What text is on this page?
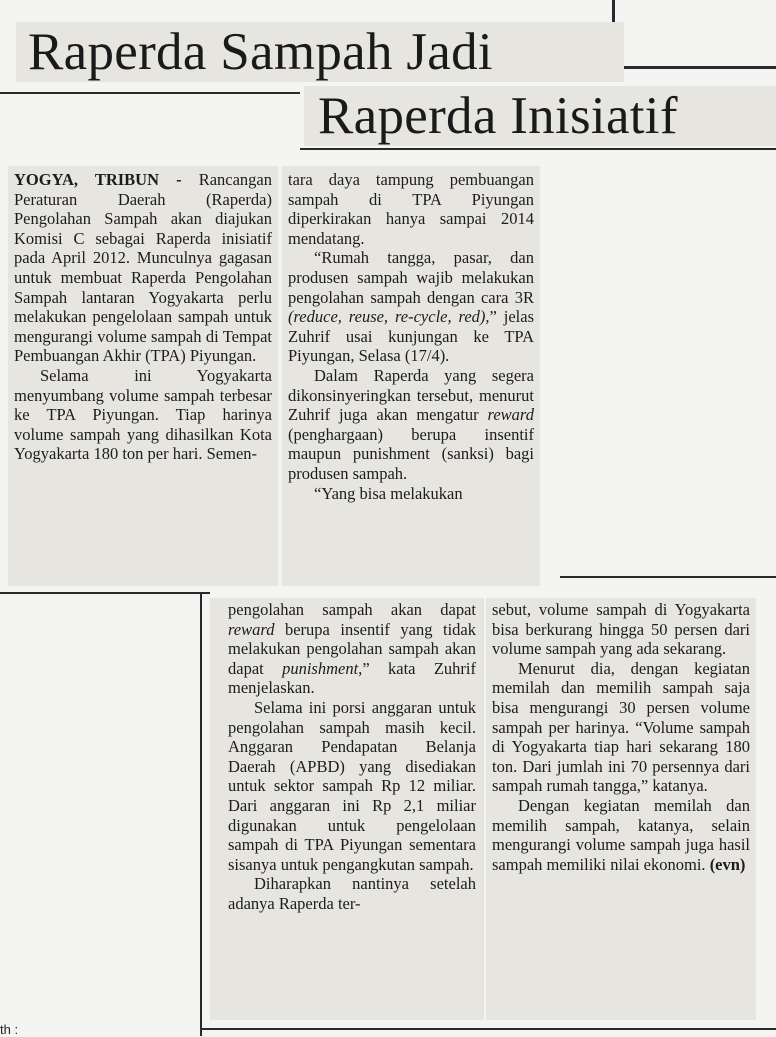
Raperda Sampah Jadi
Raperda Inisiatif

YOGYA, TRIBUN - Rancangan Peraturan Daerah (Raperda) Pengolahan Sampah akan diajukan Komisi C sebagai Raperda inisiatif pada April 2012. Munculnya gagasan untuk membuat Raperda Pengolahan Sampah lantaran Yogyakarta perlu melakukan pengelolaan sampah untuk mengurangi volume sampah di Tempat Pembuangan Akhir (TPA) Piyungan.

Selama ini Yogyakarta menyumbang volume sampah terbesar ke TPA Piyungan. Tiap harinya volume sampah yang dihasilkan Kota Yogyakarta 180 ton per hari. Semen-

tara daya tampung pembuangan sampah di TPA Piyungan diperkirakan hanya sampai 2014 mendatang.

“Rumah tangga, pasar, dan produsen sampah wajib melakukan pengolahan sampah dengan cara 3R (reduce, reuse, re-cycle, red),” jelas Zuhrif usai kunjungan ke TPA Piyungan, Selasa (17/4).

Dalam Raperda yang segera dikonsinyeringkan tersebut, menurut Zuhrif juga akan mengatur reward (penghargaan) berupa insentif maupun punishment (sanksi) bagi produsen sampah.

“Yang bisa melakukan

pengolahan sampah akan dapat reward berupa insentif yang tidak melakukan pengolahan sampah akan dapat punishment,” kata Zuhrif menjelaskan.

Selama ini porsi anggaran untuk pengolahan sampah masih kecil. Anggaran Pendapatan Belanja Daerah (APBD) yang disediakan untuk sektor sampah Rp 12 miliar. Dari anggaran ini Rp 2,1 miliar digunakan untuk pengelolaan sampah di TPA Piyungan sementara sisanya untuk pengangkutan sampah.

Diharapkan nantinya setelah adanya Raperda ter-

sebut, volume sampah di Yogyakarta bisa berkurang hingga 50 persen dari volume sampah yang ada sekarang.

Menurut dia, dengan kegiatan memilah dan memilih sampah saja bisa mengurangi 30 persen volume sampah per harinya. “Volume sampah di Yogyakarta tiap hari sekarang 180 ton. Dari jumlah ini 70 persennya dari sampah rumah tangga,” katanya.

Dengan kegiatan memilah dan memilih sampah, katanya, selain mengurangi volume sampah juga hasil sampah memiliki nilai ekonomi. (evn)

th :
